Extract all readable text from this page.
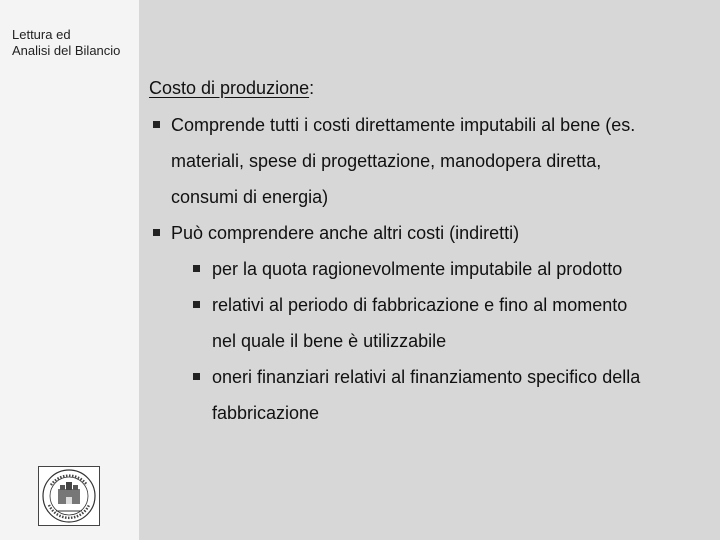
Lettura ed
Analisi del Bilancio
Costo di produzione:
Comprende tutti i costi direttamente imputabili al bene (es.
materiali, spese di progettazione, manodopera diretta,
consumi di energia)
Può comprendere anche altri costi (indiretti)
per la quota ragionevolmente imputabile al prodotto
relativi al periodo di fabbricazione e fino al momento
nel quale il bene è utilizzabile
oneri finanziari relativi al finanziamento specifico della
fabbricazione
